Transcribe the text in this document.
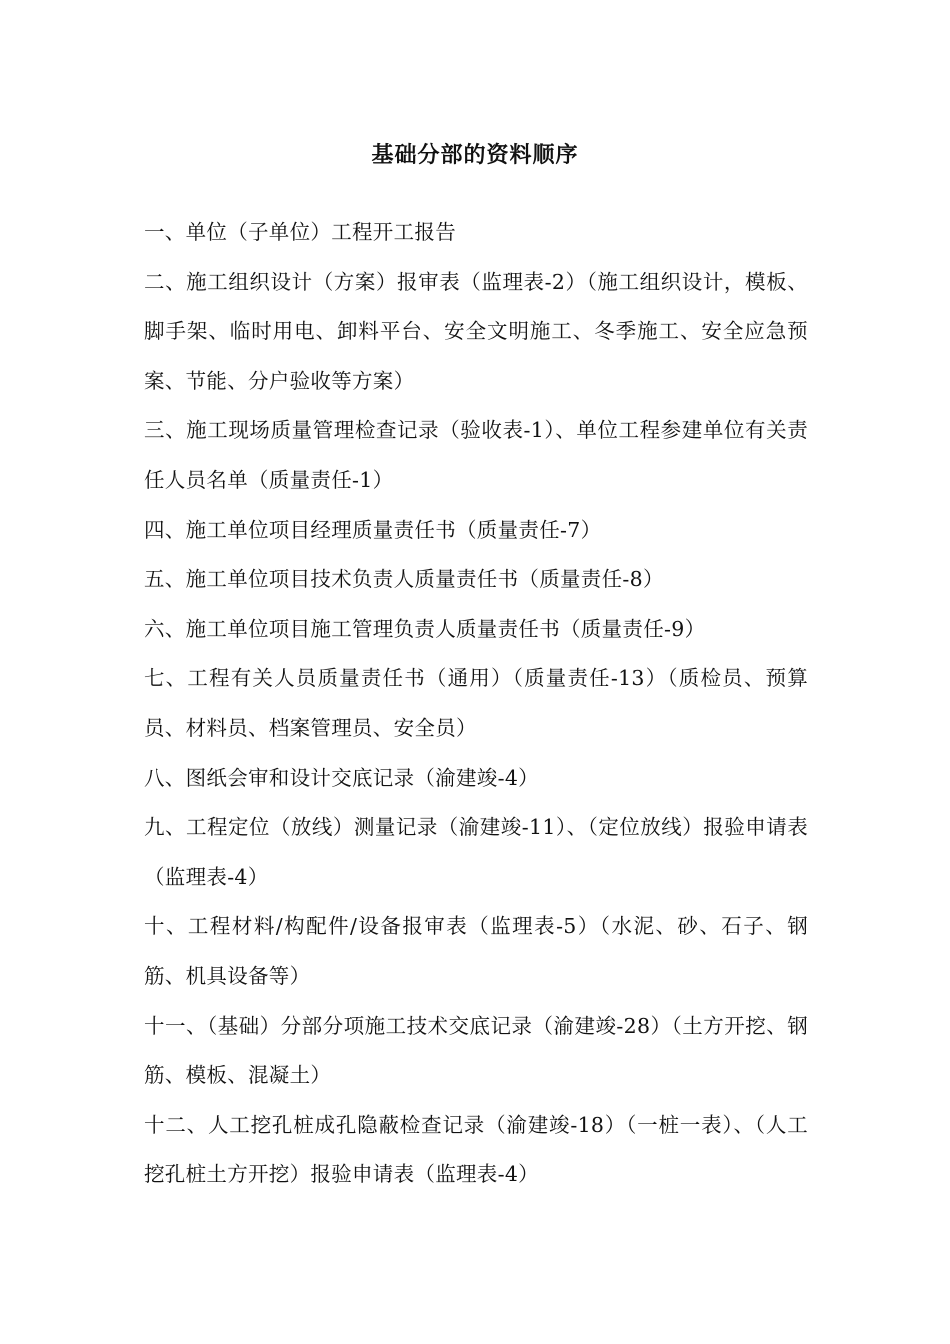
基础分部的资料顺序
一、单位（子单位）工程开工报告
二、施工组织设计（方案）报审表（监理表-2）（施工组织设计，模板、脚手架、临时用电、卸料平台、安全文明施工、冬季施工、安全应急预案、节能、分户验收等方案）
三、施工现场质量管理检查记录（验收表-1）、单位工程参建单位有关责任人员名单（质量责任-1）
四、施工单位项目经理质量责任书（质量责任-7）
五、施工单位项目技术负责人质量责任书（质量责任-8）
六、施工单位项目施工管理负责人质量责任书（质量责任-9）
七、工程有关人员质量责任书（通用）（质量责任-13）（质检员、预算员、材料员、档案管理员、安全员）
八、图纸会审和设计交底记录（渝建竣-4）
九、工程定位（放线）测量记录（渝建竣-11）、（定位放线）报验申请表（监理表-4）
十、工程材料/构配件/设备报审表（监理表-5）（水泥、砂、石子、钢筋、机具设备等）
十一、（基础）分部分项施工技术交底记录（渝建竣-28）（土方开挖、钢筋、模板、混凝土）
十二、人工挖孔桩成孔隐蔽检查记录（渝建竣-18）（一桩一表）、（人工挖孔桩土方开挖）报验申请表（监理表-4）
